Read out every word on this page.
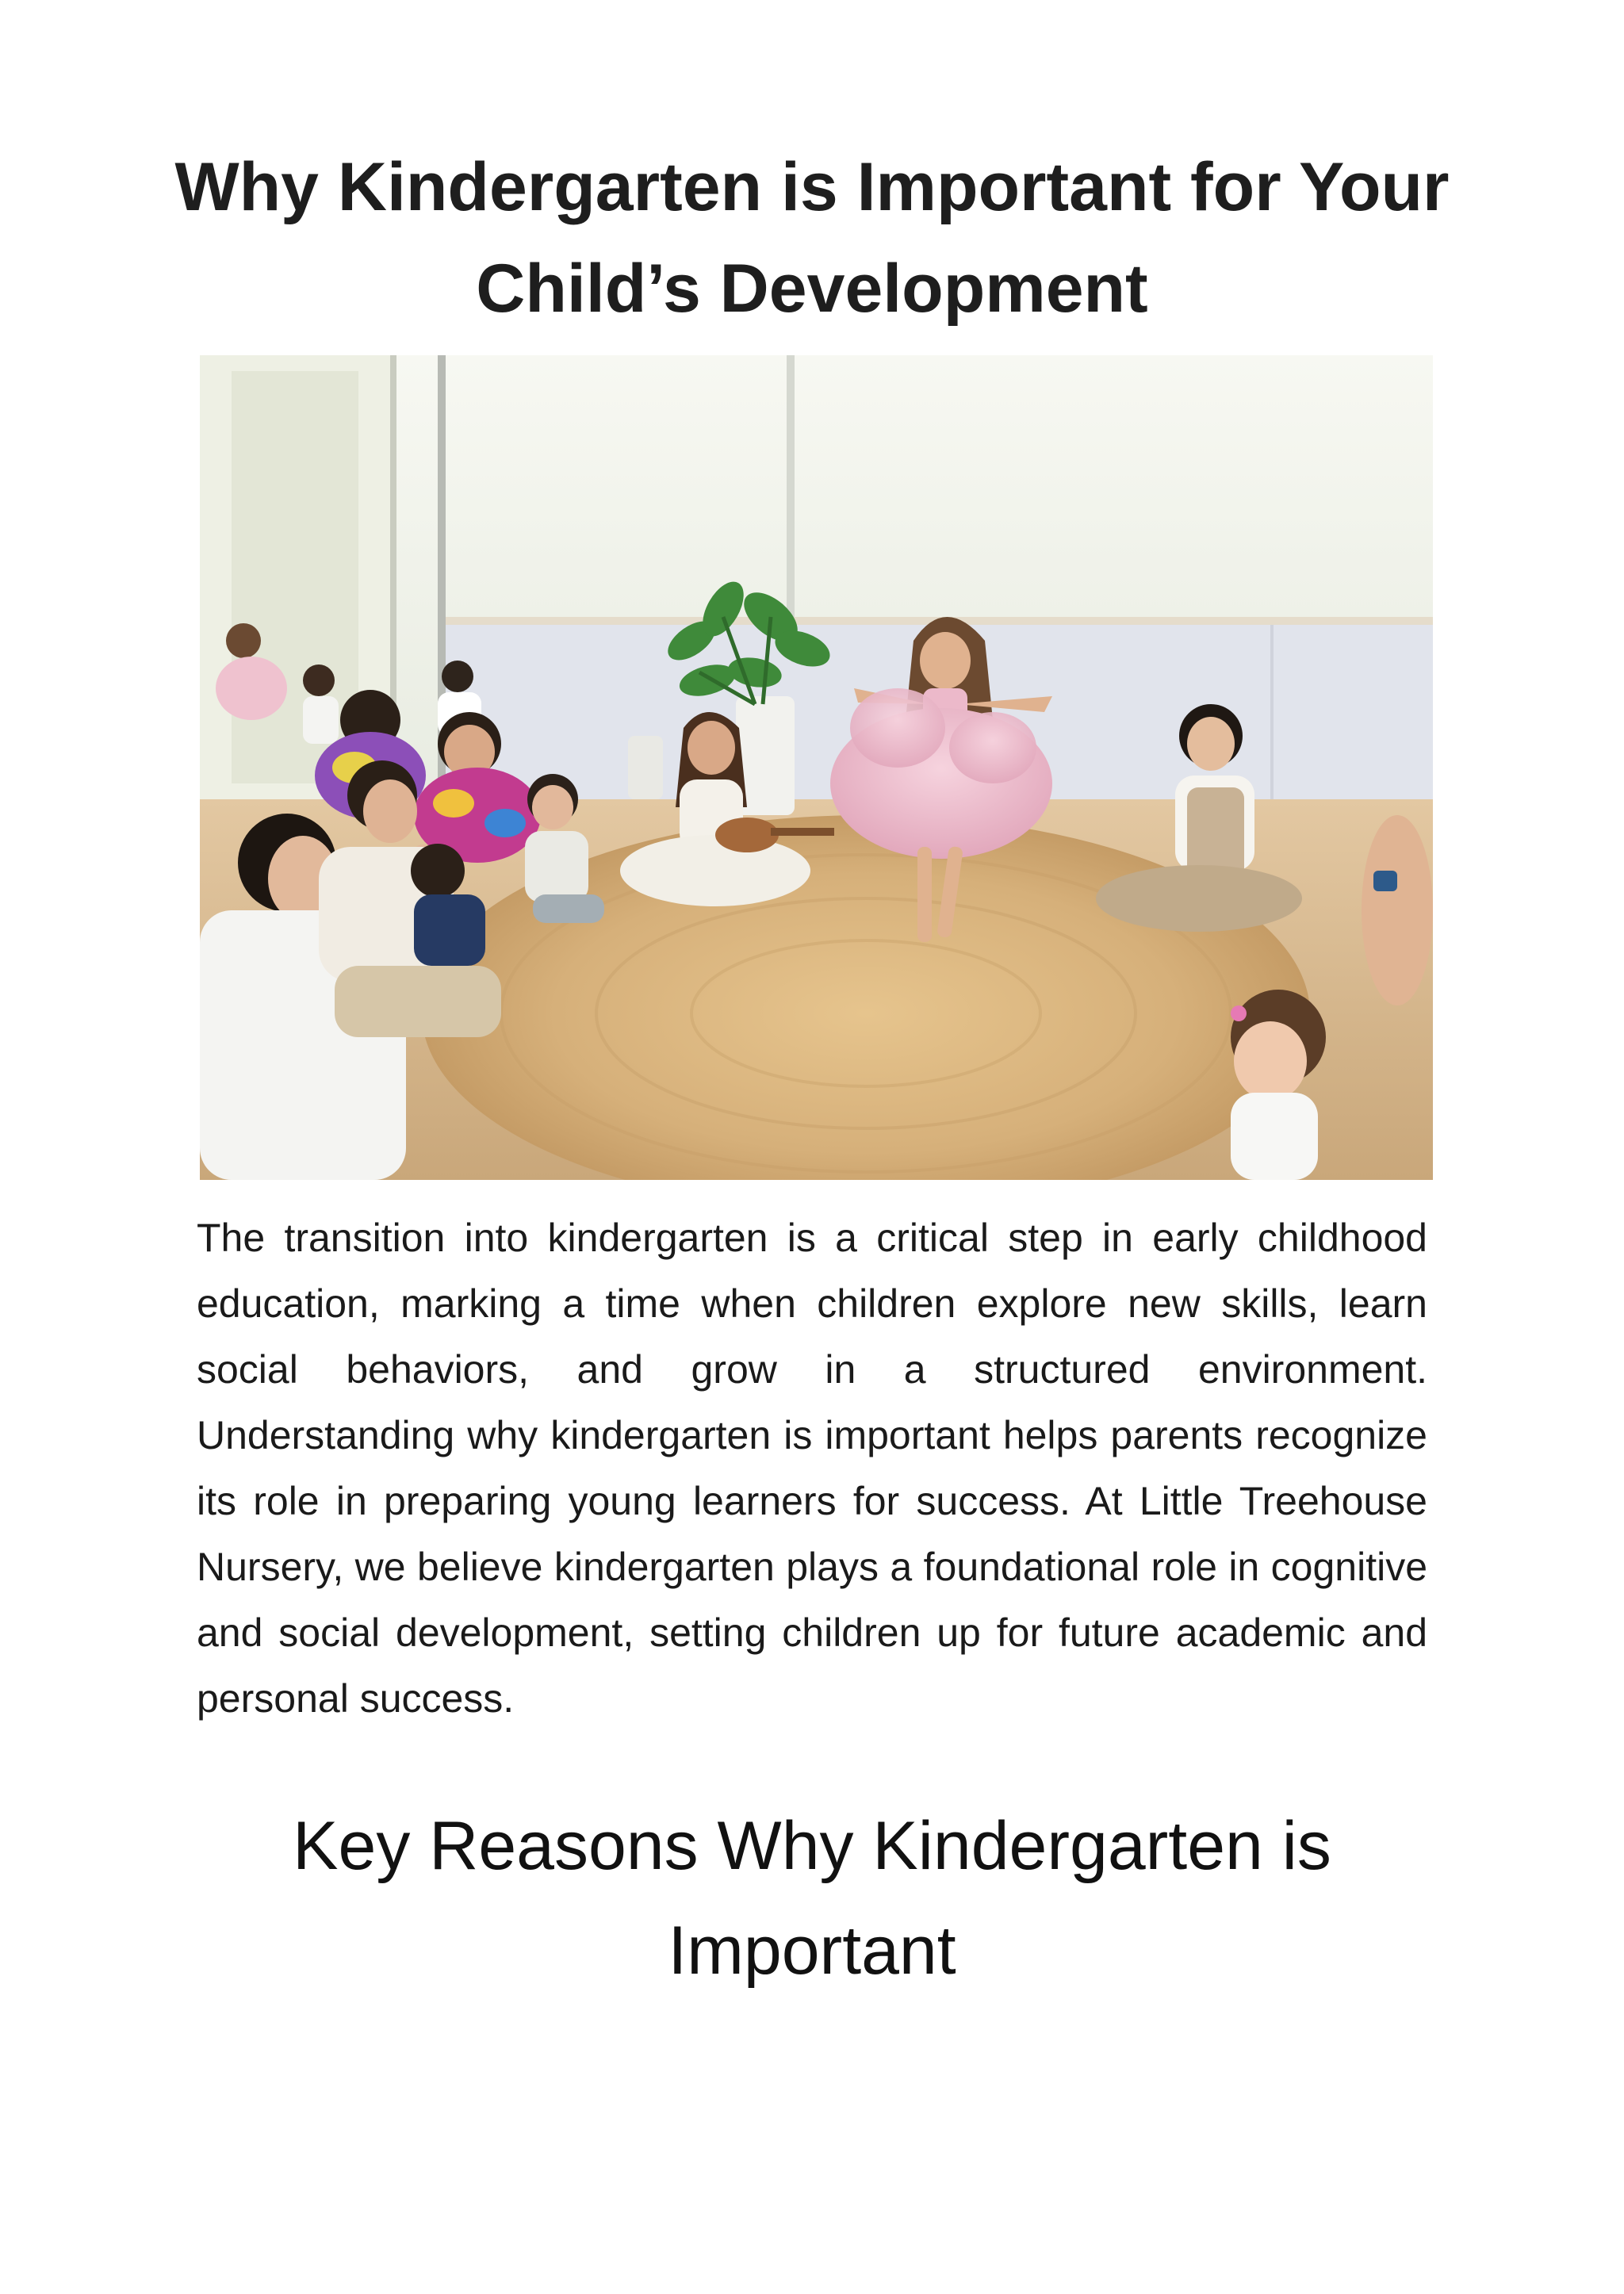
Why Kindergarten is Important for Your Child’s Development

The transition into kindergarten is a critical step in early childhood education, marking a time when children explore new skills, learn social behaviors, and grow in a structured environment. Understanding why kindergarten is important helps parents recognize its role in preparing young learners for success. At Little Treehouse Nursery, we believe kindergarten plays a foundational role in cognitive and social development, setting children up for future academic and personal success.

Key Reasons Why Kindergarten is Important
